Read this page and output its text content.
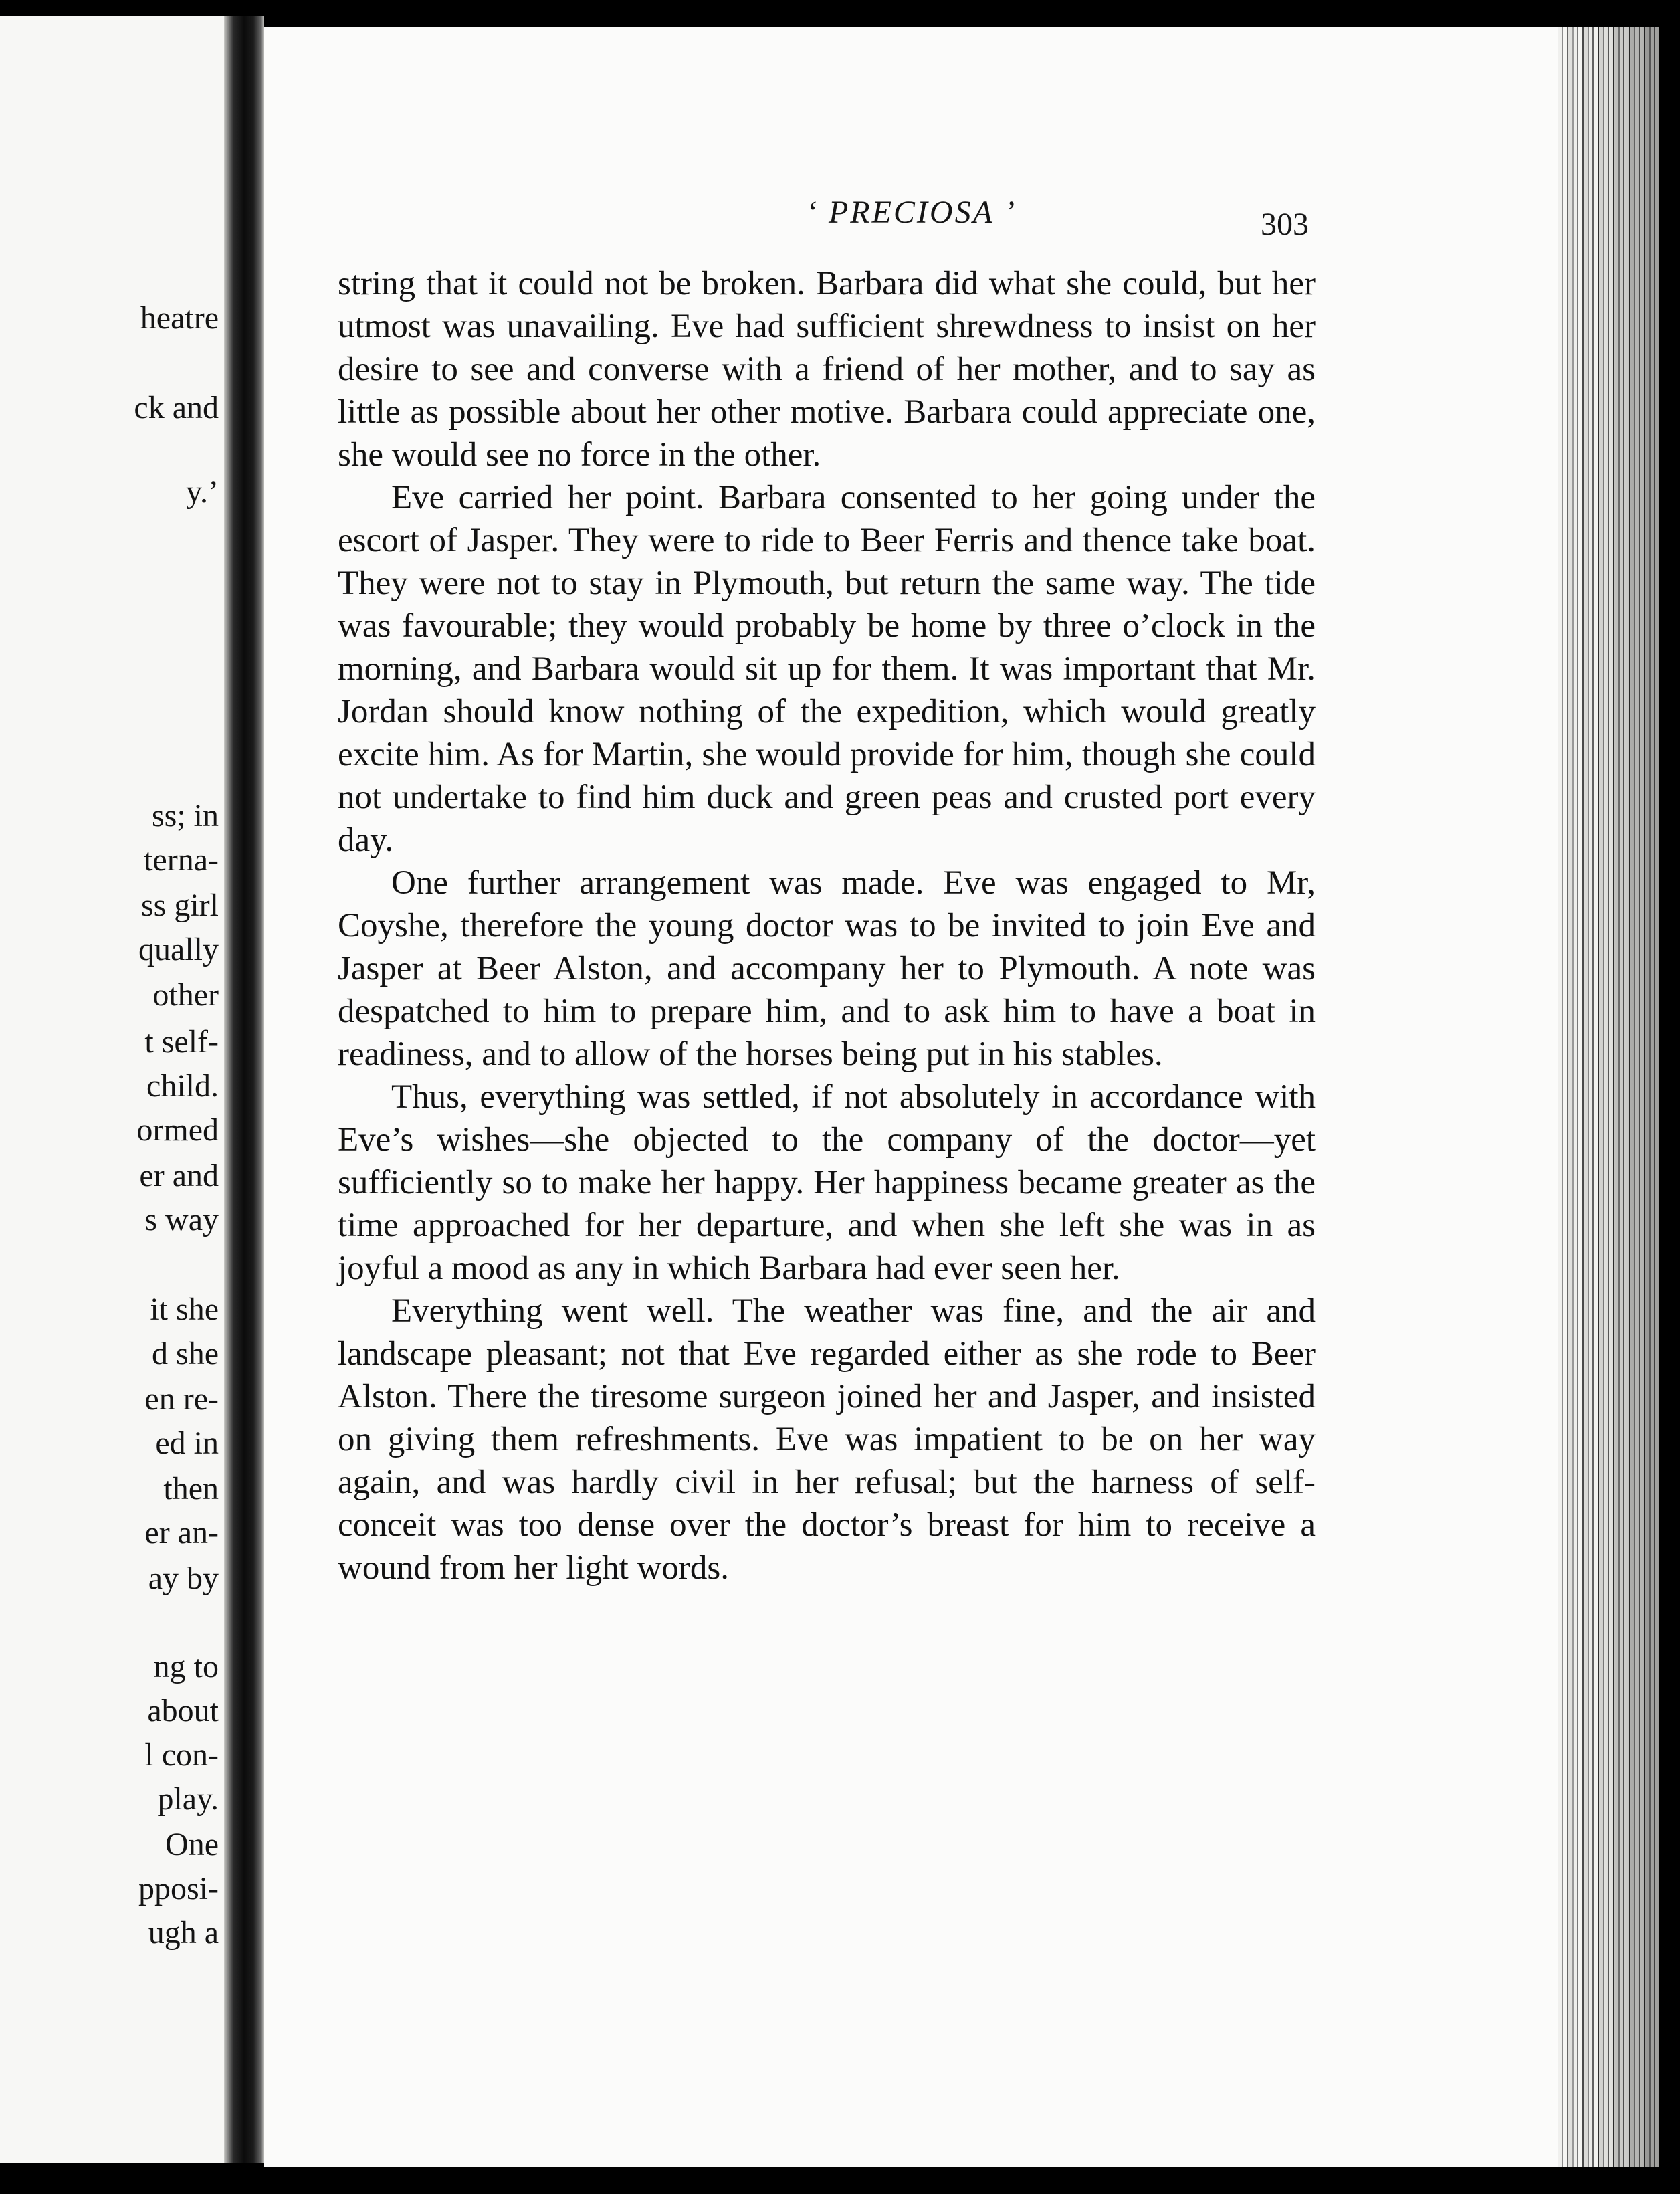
heatre
ck and
y.’
ss; in
terna-
ss girl
qually
other
t self-
child.
ormed
er and
s way
it she
d she
en re-
ed in
then
er an-
ay by
ng to
about
l con-
play.
One
pposi-
ugh a
‘ PRECIOSA ’	303

string that it could not be broken. Barbara did what she could, but her utmost was unavailing. Eve had sufficient shrewdness to insist on her desire to see and converse with a friend of her mother, and to say as little as possible about her other motive. Barbara could appreciate one, she would see no force in the other.

Eve carried her point. Barbara consented to her going under the escort of Jasper. They were to ride to Beer Ferris and thence take boat. They were not to stay in Plymouth, but return the same way. The tide was favourable; they would probably be home by three o’clock in the morning, and Barbara would sit up for them. It was important that Mr. Jordan should know nothing of the expedition, which would greatly excite him. As for Martin, she would provide for him, though she could not undertake to find him duck and green peas and crusted port every day.

One further arrangement was made. Eve was engaged to Mr, Coyshe, therefore the young doctor was to be invited to join Eve and Jasper at Beer Alston, and accompany her to Plymouth. A note was despatched to him to prepare him, and to ask him to have a boat in readiness, and to allow of the horses being put in his stables.

Thus, everything was settled, if not absolutely in accordance with Eve’s wishes—she objected to the company of the doctor—yet sufficiently so to make her happy. Her happiness became greater as the time approached for her departure, and when she left she was in as joyful a mood as any in which Barbara had ever seen her.

Everything went well. The weather was fine, and the air and landscape pleasant; not that Eve regarded either as she rode to Beer Alston. There the tiresome surgeon joined her and Jasper, and insisted on giving them refreshments. Eve was impatient to be on her way again, and was hardly civil in her refusal; but the harness of self-conceit was too dense over the doctor’s breast for him to receive a wound from her light words.
